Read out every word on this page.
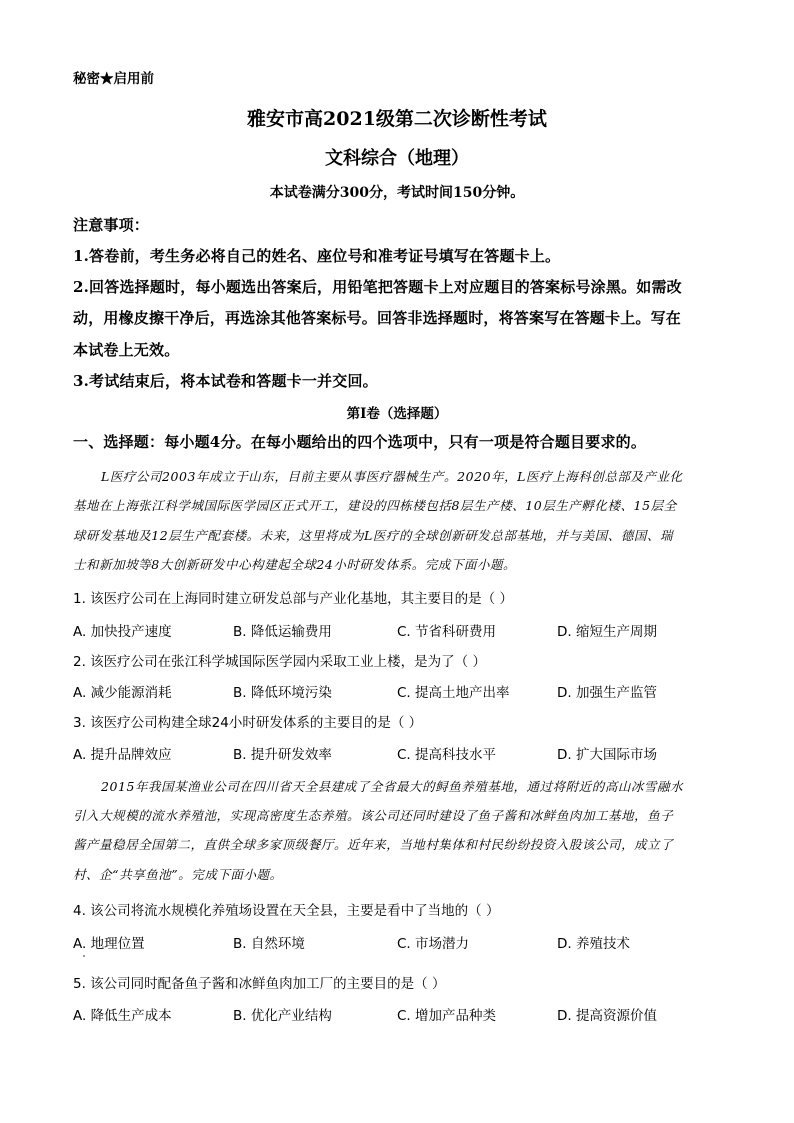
秘密★启用前
雅安市高2021级第二次诊断性考试
文科综合（地理）
本试卷满分300分，考试时间150分钟。
注意事项：
1.答卷前，考生务必将自己的姓名、座位号和准考证号填写在答题卡上。
2.回答选择题时，每小题选出答案后，用铅笔把答题卡上对应题目的答案标号涂黑。如需改
动，用橡皮擦干净后，再选涂其他答案标号。回答非选择题时，将答案写在答题卡上。写在
本试卷上无效。
3.考试结束后，将本试卷和答题卡一并交回。
第Ⅰ卷（选择题）
一、选择题：每小题4分。在每小题给出的四个选项中，只有一项是符合题目要求的。
L医疗公司2003年成立于山东，目前主要从事医疗器械生产。2020年，L医疗上海科创总部及产业化
基地在上海张江科学城国际医学园区正式开工，建设的四栋楼包括8层生产楼、10层生产孵化楼、15层全
球研发基地及12层生产配套楼。未来，这里将成为L医疗的全球创新研发总部基地，并与美国、德国、瑞
士和新加坡等8大创新研发中心构建起全球24小时研发体系。完成下面小题。
1. 该医疗公司在上海同时建立研发总部与产业化基地，其主要目的是（ ）
A. 加快投产速度	B. 降低运输费用	C. 节省科研费用	D. 缩短生产周期
2. 该医疗公司在张江科学城国际医学园内采取工业上楼，是为了（ ）
A. 减少能源消耗	B. 降低环境污染	C. 提高土地产出率	D. 加强生产监管
3. 该医疗公司构建全球24小时研发体系的主要目的是（ ）
A. 提升品牌效应	B. 提升研发效率	C. 提高科技水平	D. 扩大国际市场
2015年我国某渔业公司在四川省天全县建成了全省最大的鲟鱼养殖基地，通过将附近的高山冰雪融水
引入大规模的流水养殖池，实现高密度生态养殖。该公司还同时建设了鱼子酱和冰鲜鱼肉加工基地，鱼子
酱产量稳居全国第二，直供全球多家顶级餐厅。近年来，当地村集体和村民纷纷投资入股该公司，成立了
村、企“共享鱼池”。完成下面小题。
4. 该公司将流水规模化养殖场设置在天全县，主要是看中了当地的（ ）
A. 地理位置	B. 自然环境	C. 市场潜力	D. 养殖技术
5. 该公司同时配备鱼子酱和冰鲜鱼肉加工厂的主要目的是（ ）
A. 降低生产成本	B. 优化产业结构	C. 增加产品种类	D. 提高资源价值
